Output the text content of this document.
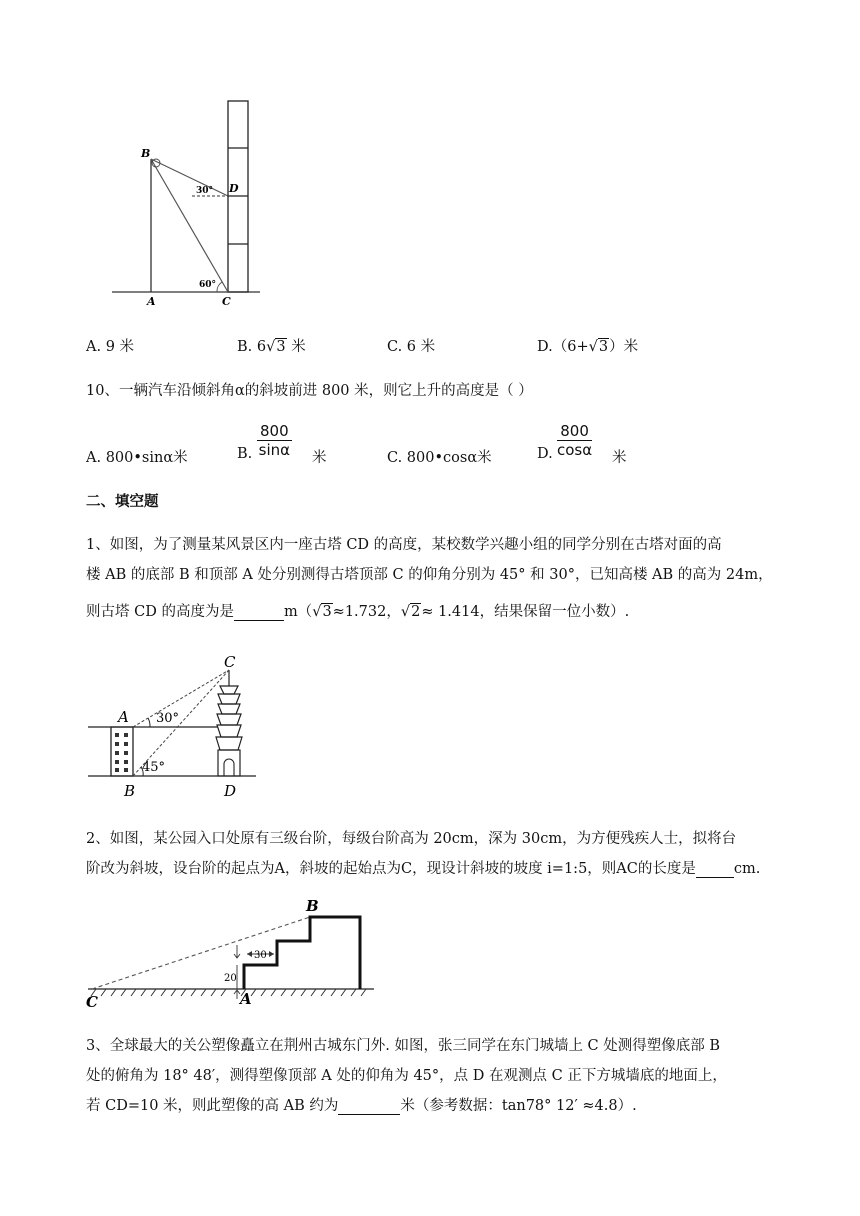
B
D
A	C
30°
60°
A. 9 米	B. 6√3 米	C. 6 米	D.（6+√3）米
10、一辆汽车沿倾斜角α的斜坡前进 800 米，则它上升的高度是（ ）
A. 800•sinα米	B. $\frac{800}{\sin\alpha}$ 米	C. 800•cosα米	D. $\frac{800}{\cos\alpha}$ 米
二、填空题
1、如图，为了测量某风景区内一座古塔 CD 的高度，某校数学兴趣小组的同学分别在古塔对面的高
楼 AB 的底部 B 和顶部 A 处分别测得古塔顶部 C 的仰角分别为 45° 和 30°，已知高楼 AB 的高为 24m，
则古塔 CD 的高度为是	m（√3≈1.732，√2≈ 1.414，结果保留一位小数）.
C
A
B	D
30°
45°
2、如图，某公园入口处原有三级台阶，每级台阶高为 20cm，深为 30cm，为方便残疾人士，拟将台
阶改为斜坡，设台阶的起点为A，斜坡的起始点为C，现设计斜坡的坡度 i=1:5，则AC的长度是	cm.
B
C	A
30
20
3、全球最大的关公塑像矗立在荆州古城东门外. 如图，张三同学在东门城墙上 C 处测得塑像底部 B
处的俯角为 18° 48′，测得塑像顶部 A 处的仰角为 45°，点 D 在观测点 C 正下方城墙底的地面上，
若 CD=10 米，则此塑像的高 AB 约为	米（参考数据：tan78° 12′ ≈4.8）.
